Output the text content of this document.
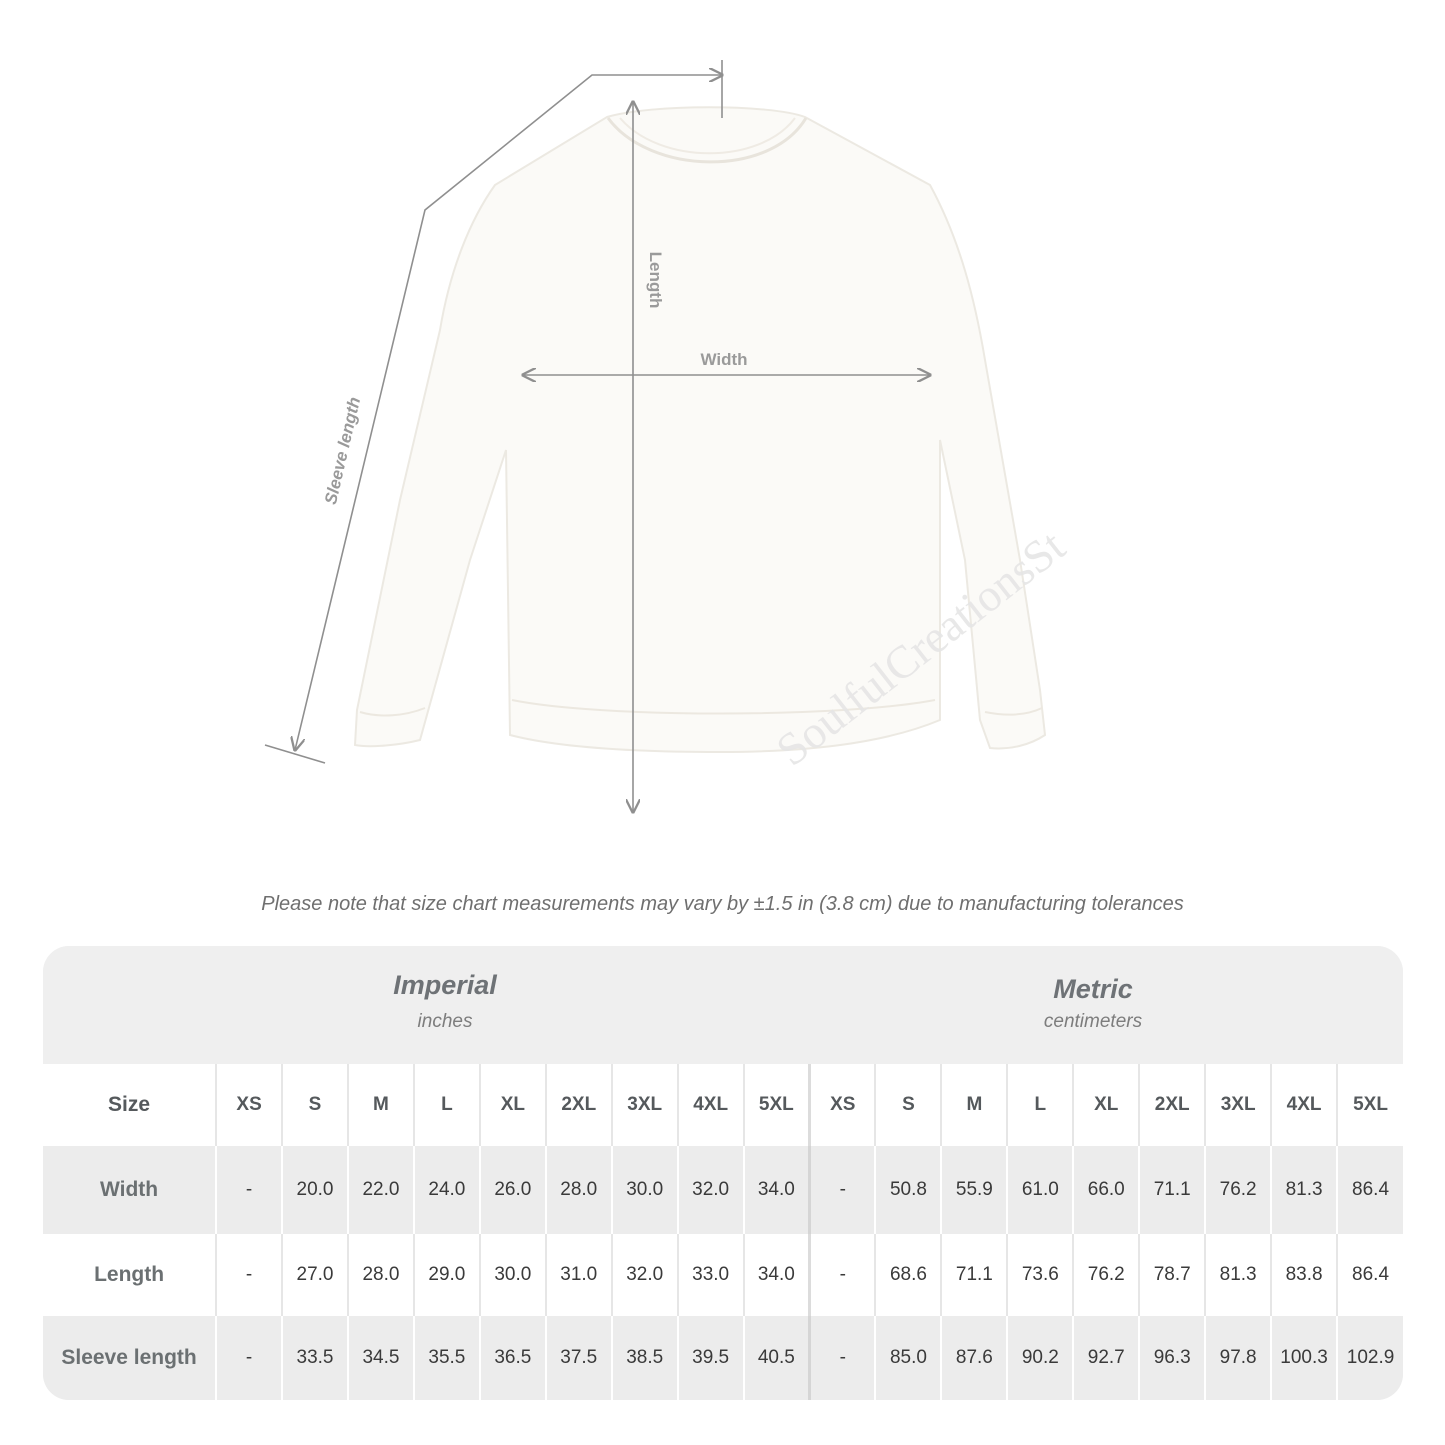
Sleeve length
Length
Width
SoulfulCreationsSt
Please note that size chart measurements may vary by ±1.5 in (3.8 cm) due to manufacturing tolerances
Imperial
inches
Metric
centimeters
Size	XS	S	M	L	XL	2XL	3XL	4XL	5XL	XS	S	M	L	XL	2XL	3XL	4XL	5XL
Width	-	20.0	22.0	24.0	26.0	28.0	30.0	32.0	34.0	-	50.8	55.9	61.0	66.0	71.1	76.2	81.3	86.4
Length	-	27.0	28.0	29.0	30.0	31.0	32.0	33.0	34.0	-	68.6	71.1	73.6	76.2	78.7	81.3	83.8	86.4
Sleeve length	-	33.5	34.5	35.5	36.5	37.5	38.5	39.5	40.5	-	85.0	87.6	90.2	92.7	96.3	97.8	100.3	102.9
